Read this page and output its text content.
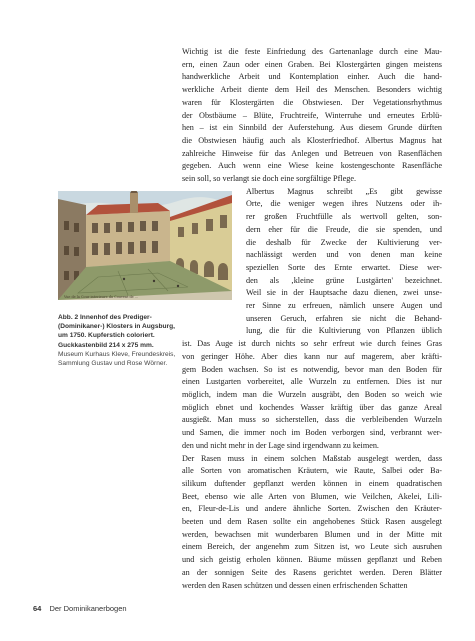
Wichtig ist die feste Einfriedung des Gartenanlage durch eine Mau-
ern, einen Zaun oder einen Graben. Bei Klostergärten gingen meistens
handwerkliche Arbeit und Kontemplation einher. Auch die hand-
werkliche Arbeit diente dem Heil des Menschen. Besonders wichtig
waren für Klostergärten die Obstwiesen. Der Vegetationsrhythmus
der Obstbäume – Blüte, Fruchtreife, Winterruhe und erneutes Erblü-
hen – ist ein Sinnbild der Auferstehung. Aus diesem Grunde dürften
die Obstwiesen häufig auch als Klosterfriedhof. Albertus Magnus hat
zahlreiche Hinweise für das Anlegen und Betreuen von Rasenflächen
gegeben. Auch wenn eine Wiese keine kostengeschonte Rasenfläche
sein soll, so verlangt sie doch eine sorgfältige Pflege.
Albertus Magnus schreibt „Es gibt gewisse
Orte, die weniger wegen ihres Nutzens oder ih-
rer großen Fruchtfülle als wertvoll gelten, son-
dern eher für die Freude, die sie spenden, und
die deshalb für Zwecke der Kultivierung ver-
nachlässigt werden und von denen man keine
speziellen Sorte des Ernte erwartet. Diese wer-
den als ‚kleine grüne Lustgärten' bezeichnet.
Weil sie in der Hauptsache dazu dienen, zwei unse-
rer Sinne zu erfreuen, nämlich unsere Augen und
unseren Geruch, erfahren sie nicht die Behand-
lung, die für die Kultivierung von Pflanzen üblich
ist. Das Auge ist durch nichts so sehr erfreut wie durch feines Gras
von geringer Höhe. Aber dies kann nur auf magerem, aber kräfti-
gem Boden wachsen. So ist es notwendig, bevor man den Boden für
einen Lustgarten vorbereitet, alle Wurzeln zu entfernen. Dies ist nur
möglich, indem man die Wurzeln ausgräbt, den Boden so weich wie
möglich ebnet und kochendes Wasser kräftig über das ganze Areal
ausgießt. Man muss so sicherstellen, dass die verbleibenden Wurzeln
und Samen, die immer noch im Boden verborgen sind, verbrannt wer-
den und nicht mehr in der Lage sind irgendwann zu keimen.
Der Rasen muss in einem solchen Maßstab ausgelegt werden, dass
alle Sorten von aromatischen Kräutern, wie Raute, Salbei oder Ba-
silikum duftender gepflanzt werden können in einem quadratischen
Beet, ebenso wie alle Arten von Blumen, wie Veilchen, Akelei, Lili-
en, Fleur-de-Lis und andere ähnliche Sorten. Zwischen den Kräuter-
beeten und dem Rasen sollte ein angehobenes Stück Rasen ausgelegt
werden, bewachsen mit wunderbaren Blumen und in der Mitte mit
einem Bereich, der angenehm zum Sitzen ist, wo Leute sich ausruhen
und sich geistig erholen können. Bäume müssen gepflanzt und Reben
an der sonnigen Seite des Rasens gerichtet werden. Deren Blätter
werden den Rasen schützen und dessen einen erfrischenden Schatten
Vue de la Cour interieure du Couvent de ...
Abb. 2 Innenhof des Prediger- (Dominikaner-) Klosters in Augsburg, um 1750. Kupferstich coloriert. Guckkastenbild 214 x 275 mm.
Museum Kurhaus Kleve, Freundeskreis, Sammlung Gustav und Rose Wörner.
64 Der Dominikanerbogen
